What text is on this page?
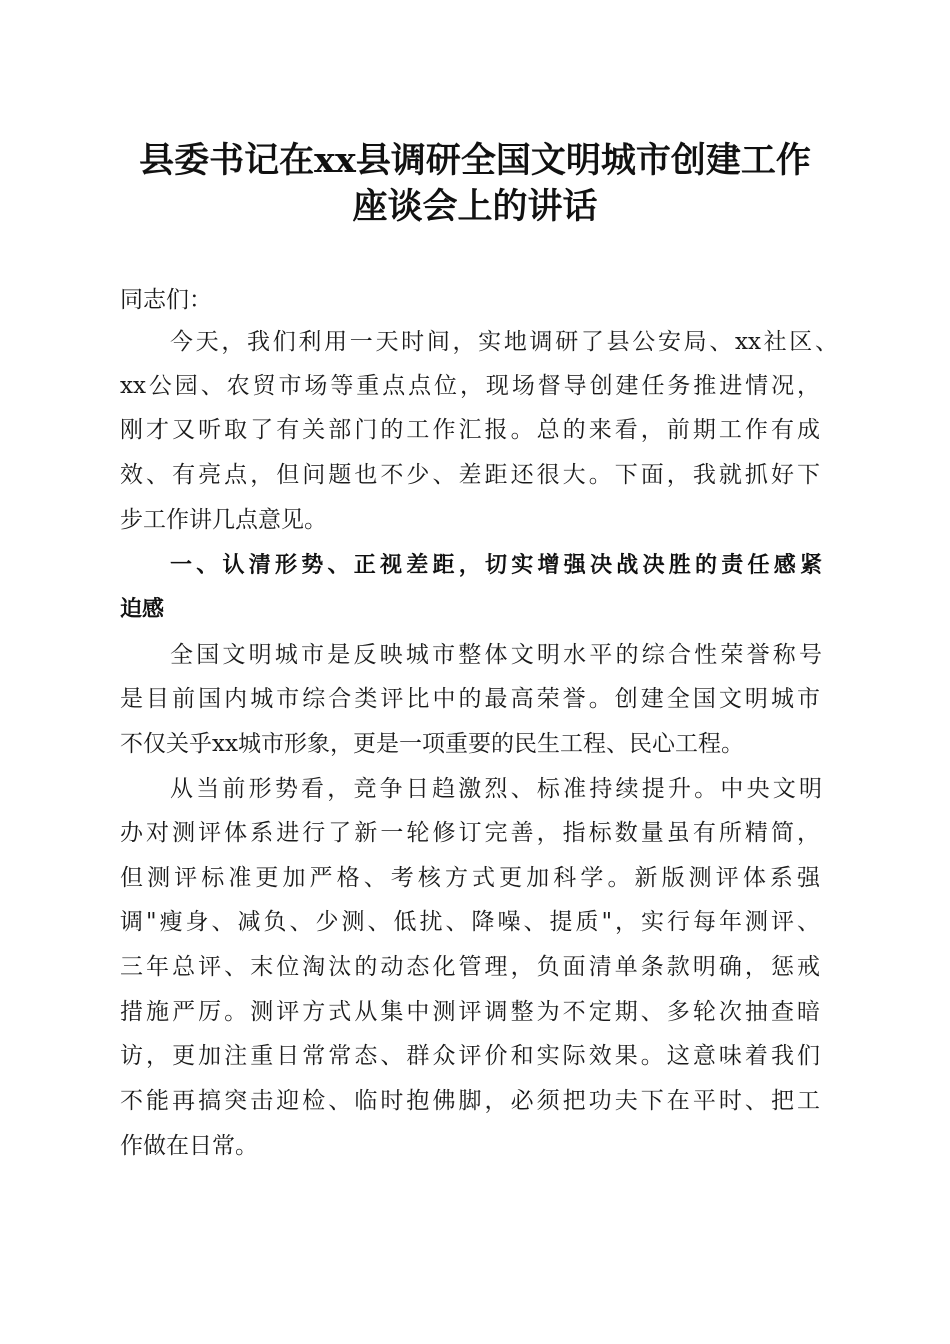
县委书记在xx县调研全国文明城市创建工作
座谈会上的讲话
同志们：
今天，我们利用一天时间，实地调研了县公安局、xx社区、
xx公园、农贸市场等重点点位，现场督导创建任务推进情况，
刚才又听取了有关部门的工作汇报。总的来看，前期工作有成
效、有亮点，但问题也不少、差距还很大。下面，我就抓好下
步工作讲几点意见。
一、认清形势、正视差距，切实增强决战决胜的责任感紧
迫感
全国文明城市是反映城市整体文明水平的综合性荣誉称号
是目前国内城市综合类评比中的最高荣誉。创建全国文明城市
不仅关乎xx城市形象，更是一项重要的民生工程、民心工程。
从当前形势看，竞争日趋激烈、标准持续提升。中央文明
办对测评体系进行了新一轮修订完善，指标数量虽有所精简，
但测评标准更加严格、考核方式更加科学。新版测评体系强
调"瘦身、减负、少测、低扰、降噪、提质"，实行每年测评、
三年总评、末位淘汰的动态化管理，负面清单条款明确，惩戒
措施严厉。测评方式从集中测评调整为不定期、多轮次抽查暗
访，更加注重日常常态、群众评价和实际效果。这意味着我们
不能再搞突击迎检、临时抱佛脚，必须把功夫下在平时、把工
作做在日常。
